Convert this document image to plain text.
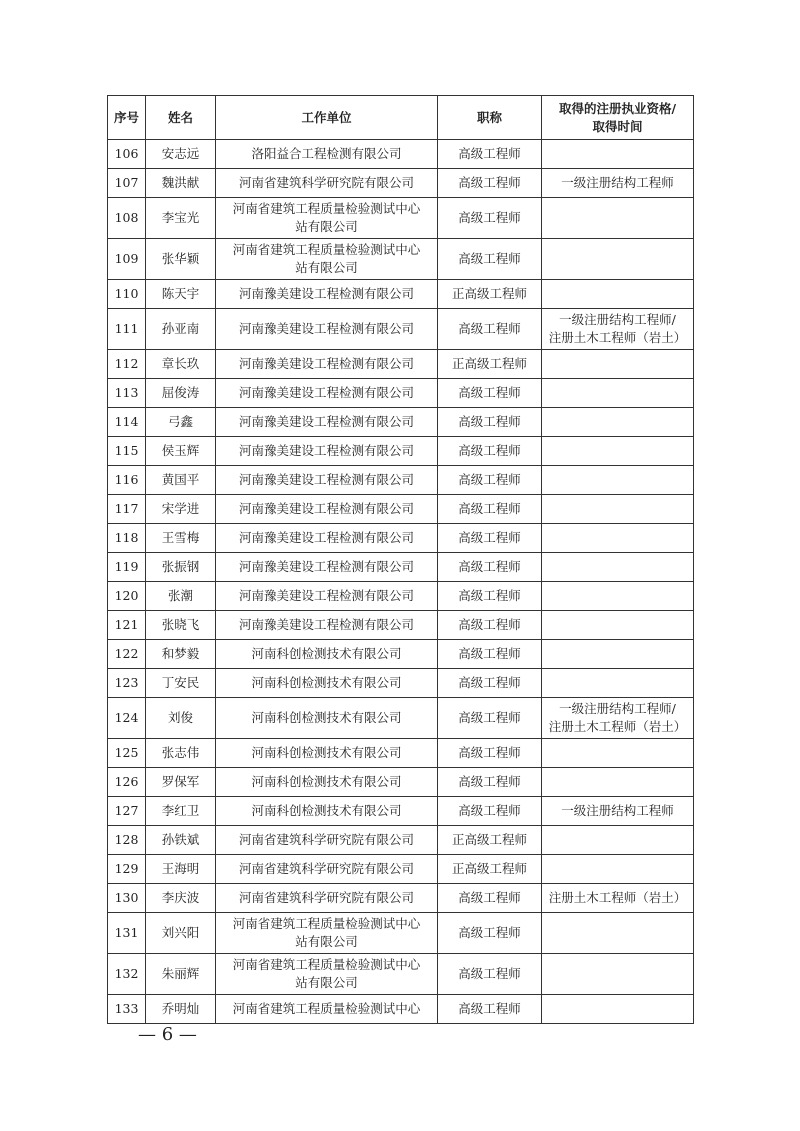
序号	姓名	工作单位	职称	取得的注册执业资格/
取得时间
106	安志远	洛阳益合工程检测有限公司	高级工程师	
107	魏洪献	河南省建筑科学研究院有限公司	高级工程师	一级注册结构工程师
108	李宝光	河南省建筑工程质量检验测试中心
站有限公司	高级工程师	
109	张华颖	河南省建筑工程质量检验测试中心
站有限公司	高级工程师	
110	陈天宇	河南豫美建设工程检测有限公司	正高级工程师	
111	孙亚南	河南豫美建设工程检测有限公司	高级工程师	一级注册结构工程师/
注册土木工程师（岩土）
112	章长玖	河南豫美建设工程检测有限公司	正高级工程师	
113	屈俊涛	河南豫美建设工程检测有限公司	高级工程师	
114	弓鑫	河南豫美建设工程检测有限公司	高级工程师	
115	侯玉辉	河南豫美建设工程检测有限公司	高级工程师	
116	黄国平	河南豫美建设工程检测有限公司	高级工程师	
117	宋学进	河南豫美建设工程检测有限公司	高级工程师	
118	王雪梅	河南豫美建设工程检测有限公司	高级工程师	
119	张振钢	河南豫美建设工程检测有限公司	高级工程师	
120	张潮	河南豫美建设工程检测有限公司	高级工程师	
121	张晓飞	河南豫美建设工程检测有限公司	高级工程师	
122	和梦毅	河南科创检测技术有限公司	高级工程师	
123	丁安民	河南科创检测技术有限公司	高级工程师	
124	刘俊	河南科创检测技术有限公司	高级工程师	一级注册结构工程师/
注册土木工程师（岩土）
125	张志伟	河南科创检测技术有限公司	高级工程师	
126	罗保军	河南科创检测技术有限公司	高级工程师	
127	李红卫	河南科创检测技术有限公司	高级工程师	一级注册结构工程师
128	孙铁斌	河南省建筑科学研究院有限公司	正高级工程师	
129	王海明	河南省建筑科学研究院有限公司	正高级工程师	
130	李庆波	河南省建筑科学研究院有限公司	高级工程师	注册土木工程师（岩土）
131	刘兴阳	河南省建筑工程质量检验测试中心
站有限公司	高级工程师	
132	朱丽辉	河南省建筑工程质量检验测试中心
站有限公司	高级工程师	
133	乔明灿	河南省建筑工程质量检验测试中心	高级工程师	
— 6 —
